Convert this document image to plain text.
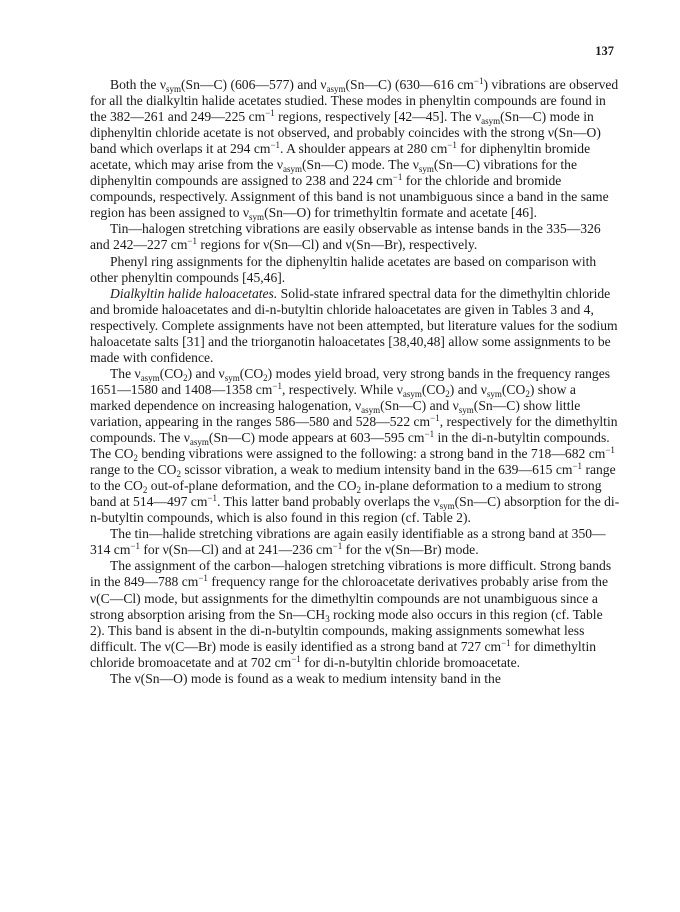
137

Both the $\nu_{sym}(Sn—C)$ (606—577) and $\nu_{asym}(Sn—C)$ (630—616 $cm^{-1}$) vibrations are observed for all the dialkyltin halide acetates studied. These modes in phenyltin compounds are found in the 382—261 and 249—225 $cm^{-1}$ regions, respectively [42—45]. The $\nu_{asym}(Sn—C)$ mode in diphenyltin chloride acetate is not observed, and probably coincides with the strong ν(Sn—O) band which overlaps it at 294 $cm^{-1}$. A shoulder appears at 280 $cm^{-1}$ for diphenyltin bromide acetate, which may arise from the $\nu_{asym}(Sn—C)$ mode. The $\nu_{sym}(Sn—C)$ vibrations for the diphenyltin compounds are assigned to 238 and 224 $cm^{-1}$ for the chloride and bromide compounds, respectively. Assignment of this band is not unambiguous since a band in the same region has been assigned to $\nu_{sym}(Sn—O)$ for trimethyltin formate and acetate [46].

Tin—halogen stretching vibrations are easily observable as intense bands in the 335—326 and 242—227 $cm^{-1}$ regions for ν(Sn—Cl) and ν(Sn—Br), respectively.

Phenyl ring assignments for the diphenyltin halide acetates are based on comparison with other phenyltin compounds [45,46].

Dialkyltin halide haloacetates. Solid-state infrared spectral data for the dimethyltin chloride and bromide haloacetates and di-n-butyltin chloride haloacetates are given in Tables 3 and 4, respectively. Complete assignments have not been attempted, but literature values for the sodium haloacetate salts [31] and the triorganotin haloacetates [38,40,48] allow some assignments to be made with confidence.

The $\nu_{asym}(CO_2)$ and $\nu_{sym}(CO_2)$ modes yield broad, very strong bands in the frequency ranges 1651—1580 and 1408—1358 $cm^{-1}$, respectively. While $\nu_{asym}(CO_2)$ and $\nu_{sym}(CO_2)$ show a marked dependence on increasing halogenation, $\nu_{asym}(Sn—C)$ and $\nu_{sym}(Sn—C)$ show little variation, appearing in the ranges 586—580 and 528—522 $cm^{-1}$, respectively for the dimethyltin compounds. The $\nu_{asym}(Sn—C)$ mode appears at 603—595 $cm^{-1}$ in the di-n-butyltin compounds. The $CO_2$ bending vibrations were assigned to the following: a strong band in the 718—682 $cm^{-1}$ range to the $CO_2$ scissor vibration, a weak to medium intensity band in the 639—615 $cm^{-1}$ range to the $CO_2$ out-of-plane deformation, and the $CO_2$ in-plane deformation to a medium to strong band at 514—497 $cm^{-1}$. This latter band probably overlaps the $\nu_{sym}(Sn—C)$ absorption for the di-n-butyltin compounds, which is also found in this region (cf. Table 2).

The tin—halide stretching vibrations are again easily identifiable as a strong band at 350—314 $cm^{-1}$ for ν(Sn—Cl) and at 241—236 $cm^{-1}$ for the ν(Sn—Br) mode.

The assignment of the carbon—halogen stretching vibrations is more difficult. Strong bands in the 849—788 $cm^{-1}$ frequency range for the chloroacetate derivatives probably arise from the ν(C—Cl) mode, but assignments for the dimethyltin compounds are not unambiguous since a strong absorption arising from the $Sn—CH_3$ rocking mode also occurs in this region (cf. Table 2). This band is absent in the di-n-butyltin compounds, making assignments somewhat less difficult. The ν(C—Br) mode is easily identified as a strong band at 727 $cm^{-1}$ for dimethyltin chloride bromoacetate and at 702 $cm^{-1}$ for di-n-butyltin chloride bromoacetate.

The ν(Sn—O) mode is found as a weak to medium intensity band in the
